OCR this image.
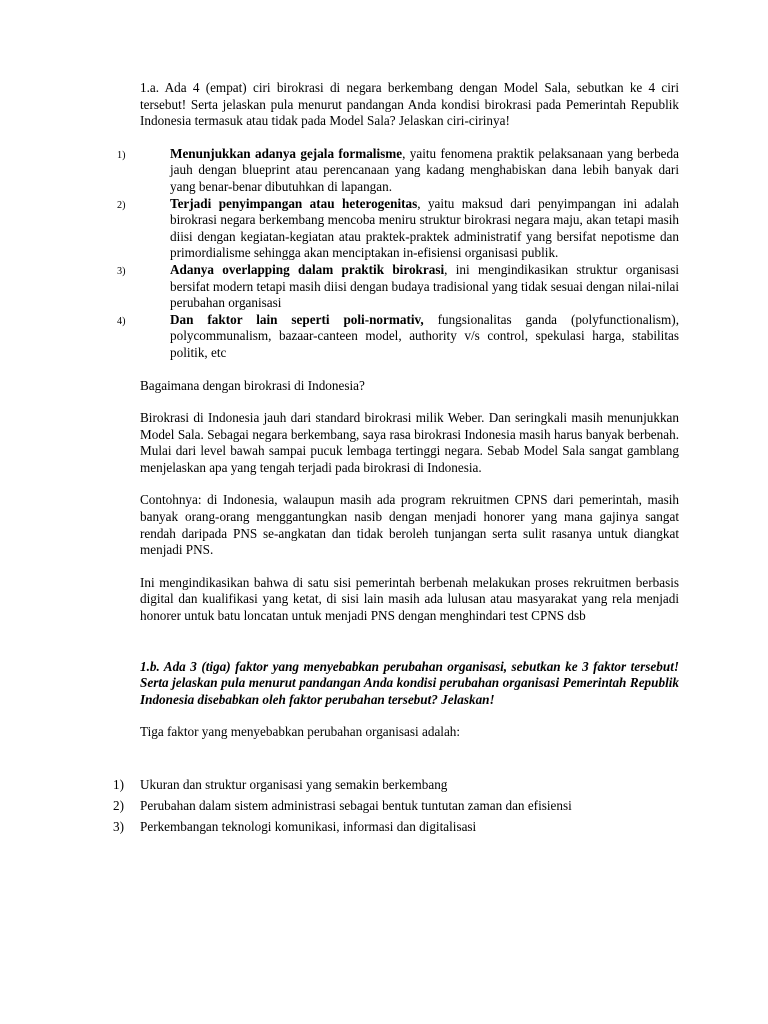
1.a. Ada 4 (empat) ciri birokrasi di negara berkembang dengan Model Sala, sebutkan ke 4 ciri tersebut! Serta jelaskan pula menurut pandangan Anda kondisi birokrasi pada Pemerintah Republik Indonesia termasuk atau tidak pada Model Sala? Jelaskan ciri-cirinya!

1)	Menunjukkan adanya gejala formalisme, yaitu fenomena praktik pelaksanaan yang berbeda jauh dengan blueprint atau perencanaan yang kadang menghabiskan dana lebih banyak dari yang benar-benar dibutuhkan di lapangan.
2)	Terjadi penyimpangan atau heterogenitas, yaitu maksud dari penyimpangan ini adalah birokrasi negara berkembang mencoba meniru struktur birokrasi negara maju, akan tetapi masih diisi dengan kegiatan-kegiatan atau praktek-praktek administratif yang bersifat nepotisme dan primordialisme sehingga akan menciptakan in-efisiensi organisasi publik.
3)	Adanya overlapping dalam praktik birokrasi, ini mengindikasikan struktur organisasi bersifat modern tetapi masih diisi dengan budaya tradisional yang tidak sesuai dengan nilai-nilai perubahan organisasi
4)	Dan faktor lain seperti poli-normativ, fungsionalitas ganda (polyfunctionalism), polycommunalism, bazaar-canteen model, authority v/s control, spekulasi harga, stabilitas politik, etc

Bagaimana dengan birokrasi di Indonesia?

Birokrasi di Indonesia jauh dari standard birokrasi milik Weber. Dan seringkali masih menunjukkan Model Sala. Sebagai negara berkembang, saya rasa birokrasi Indonesia masih harus banyak berbenah. Mulai dari level bawah sampai pucuk lembaga tertinggi negara. Sebab Model Sala sangat gamblang menjelaskan apa yang tengah terjadi pada birokrasi di Indonesia.

Contohnya: di Indonesia, walaupun masih ada program rekruitmen CPNS dari pemerintah, masih banyak orang-orang menggantungkan nasib dengan menjadi honorer yang mana gajinya sangat rendah daripada PNS se-angkatan dan tidak beroleh tunjangan serta sulit rasanya untuk diangkat menjadi PNS.

Ini mengindikasikan bahwa di satu sisi pemerintah berbenah melakukan proses rekruitmen berbasis digital dan kualifikasi yang ketat, di sisi lain masih ada lulusan atau masyarakat yang rela menjadi honorer untuk batu loncatan untuk menjadi PNS dengan menghindari test CPNS dsb

1.b. Ada 3 (tiga) faktor yang menyebabkan perubahan organisasi, sebutkan ke 3 faktor tersebut! Serta jelaskan pula menurut pandangan Anda kondisi perubahan organisasi Pemerintah Republik Indonesia disebabkan oleh faktor perubahan tersebut? Jelaskan!

Tiga faktor yang menyebabkan perubahan organisasi adalah:

1)	Ukuran dan struktur organisasi yang semakin berkembang
2)	Perubahan dalam sistem administrasi sebagai bentuk tuntutan zaman dan efisiensi
3)	Perkembangan teknologi komunikasi, informasi dan digitalisasi
